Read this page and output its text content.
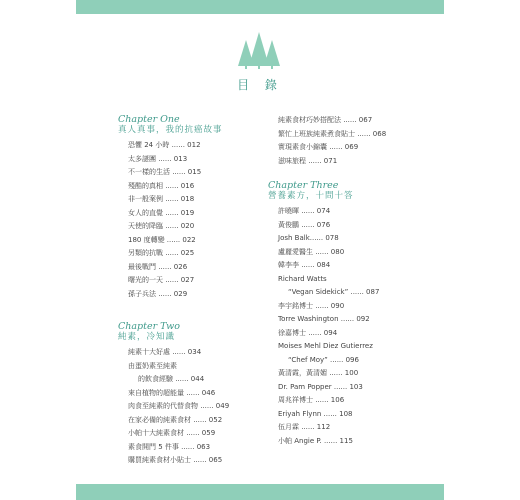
目 錄
Chapter One
真人真事，我的抗癌故事
恐懼 24 小時 ...... 012
太多謎團 ...... 013
不一樣的生活 ...... 015
殘酷的真相 ...... 016
非一般案例 ...... 018
女人的直覺 ...... 019
天使的降臨 ...... 020
180 度轉變 ...... 022
另類的抗戰 ...... 025
最後戰鬥 ...... 026
曙光的一天 ...... 027
孫子兵法 ...... 029
Chapter Two
純素，冷知識
純素十大好處 ...... 034
由蛋奶素至純素
的飲食經驗 ...... 044
來自植物的超能量 ...... 046
肉食至純素的代替食物 ...... 049
在家必備的純素食材 ...... 052
小帕十大純素食材 ...... 059
素食開門 5 件事 ...... 063
購買純素食材小貼士 ...... 065
純素食材巧妙搭配法 ...... 067
繁忙上班族純素煮食貼士 ...... 068
實現素食小錦囊 ...... 069
滋味旅程 ...... 071
Chapter Three
營養素方，十問十答
許曉暉 ...... 074
黃俊鵬 ...... 076
Josh Balk...... 078
盧麗愛醫生 ...... 080
韓李李 ...... 084
Richard Watts
“Vegan Sidekick” ...... 087
李宇銘博士 ...... 090
Torre Washington ...... 092
徐嘉博士 ...... 094
Moises Mehl Diez Gutierrez
“Chef Moy” ...... 096
黃清霞，黃清媚 ...... 100
Dr. Pam Popper ...... 103
周兆祥博士 ...... 106
Eriyah Flynn ...... 108
伍月霖 ...... 112
小帕 Angie P. ...... 115
